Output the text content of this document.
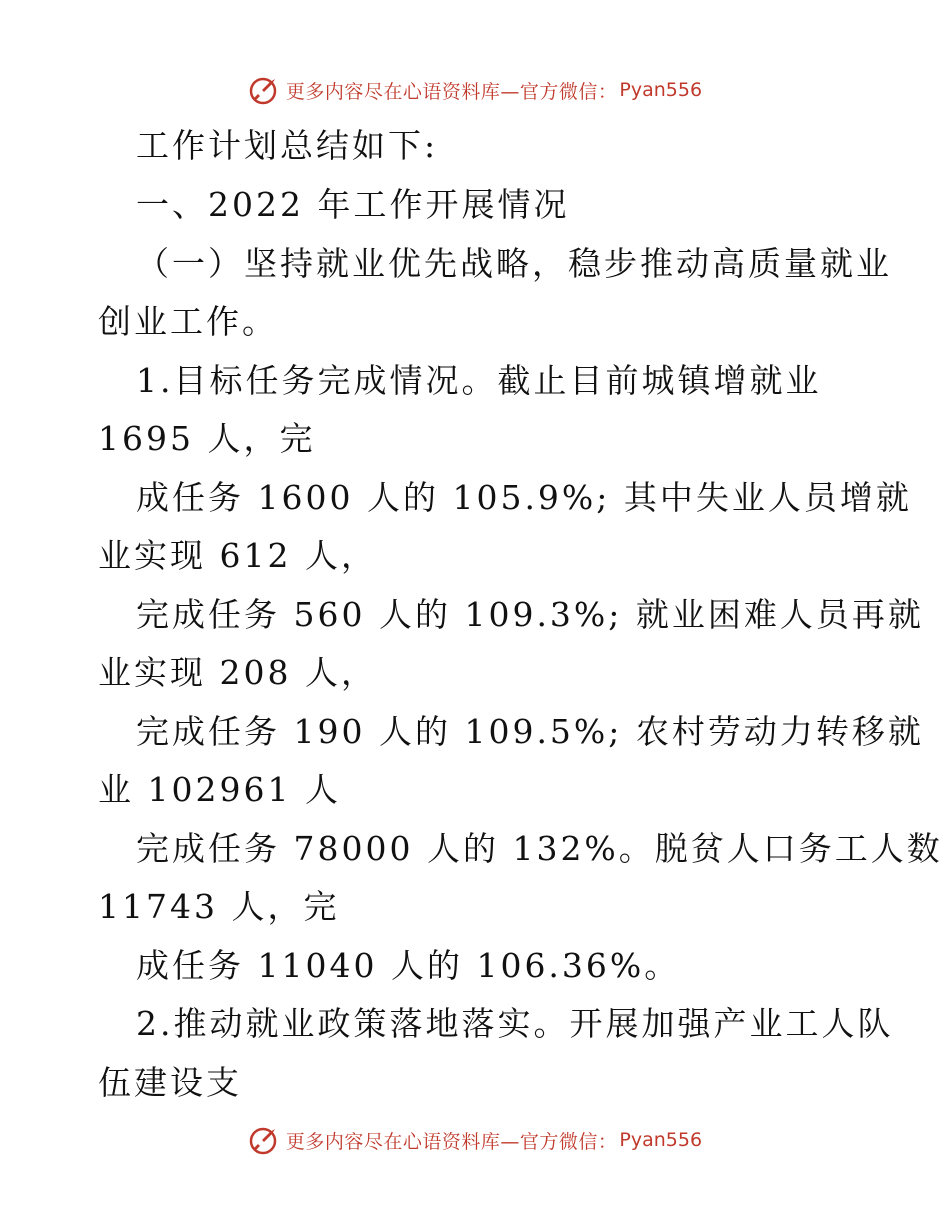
更多内容尽在心语资料库—官方微信： Pyan556
工作计划总结如下:
一、2022 年工作开展情况
（一）坚持就业优先战略，稳步推动高质量就业
创业工作。
1.目标任务完成情况。截止目前城镇增就业
1695 人，完
成任务 1600 人的 105.9%; 其中失业人员增就
业实现 612 人，
完成任务 560 人的 109.3%; 就业困难人员再就
业实现 208 人，
完成任务 190 人的 109.5%; 农村劳动力转移就
业 102961 人
完成任务 78000 人的 132%。脱贫人口务工人数
11743 人，完
成任务 11040 人的 106.36%。
2.推动就业政策落地落实。开展加强产业工人队
伍建设支
更多内容尽在心语资料库—官方微信： Pyan556
